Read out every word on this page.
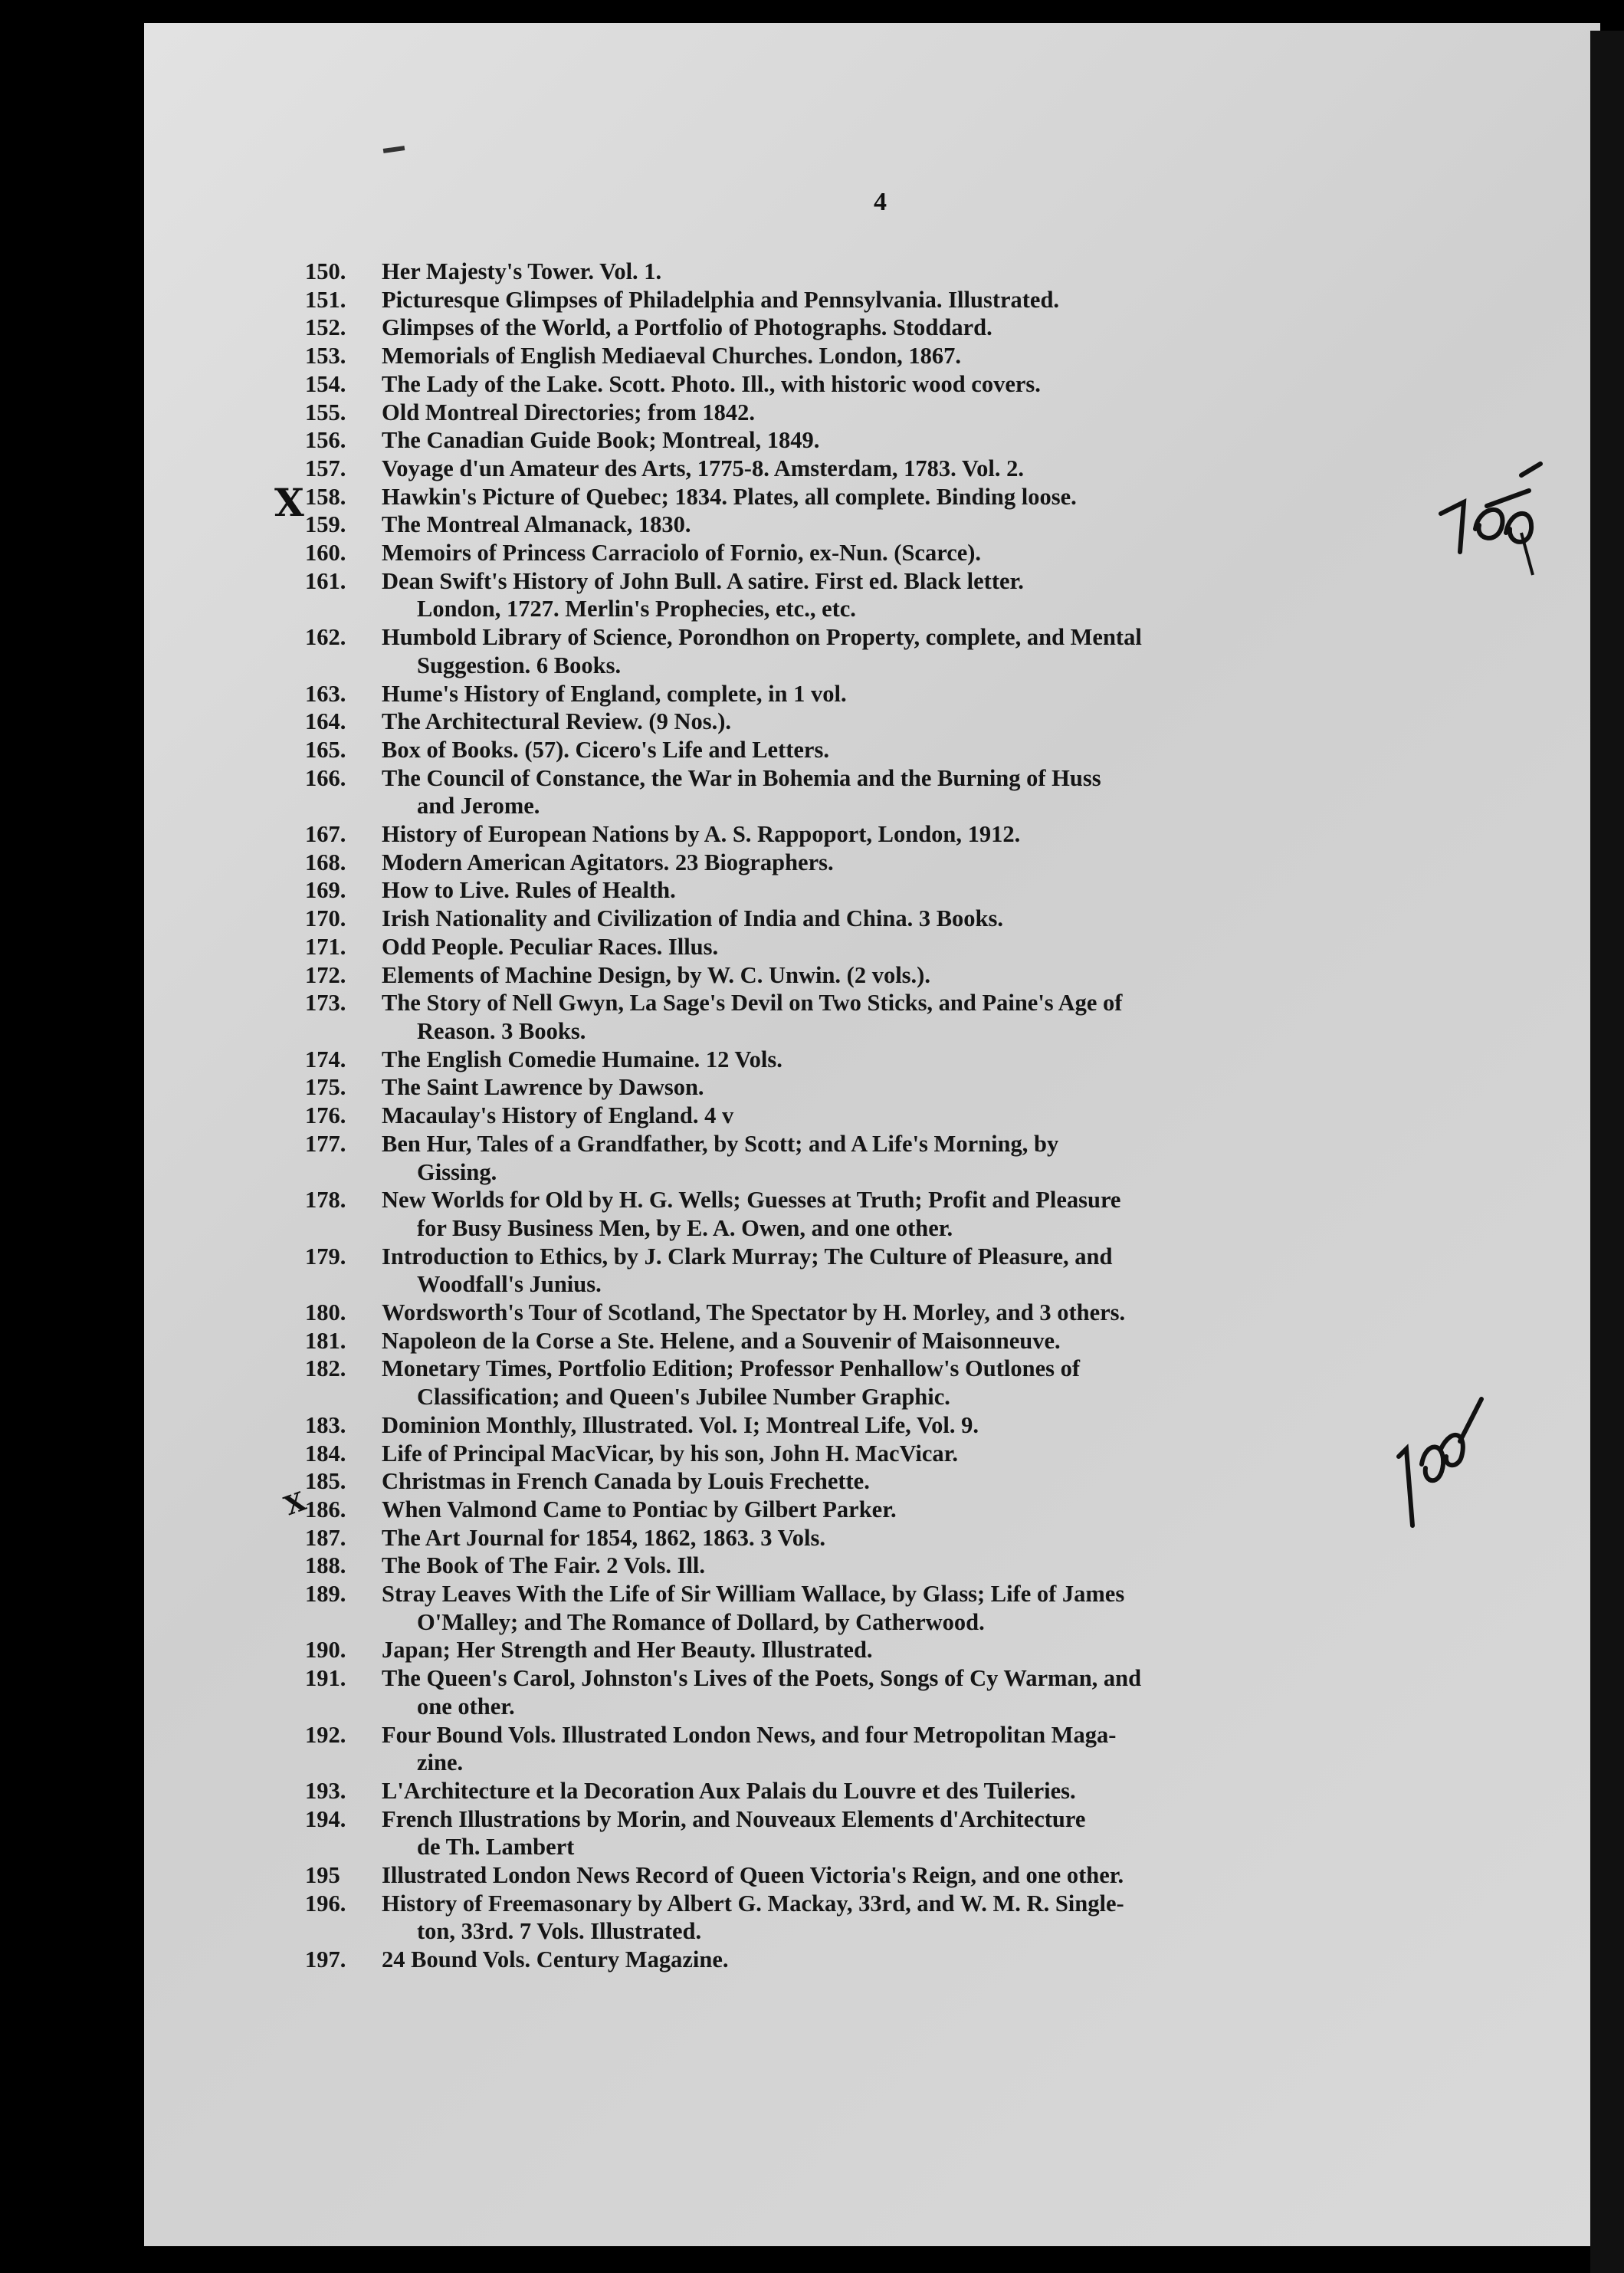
4
150.	Her Majesty's Tower. Vol. 1.
151.	Picturesque Glimpses of Philadelphia and Pennsylvania. Illustrated.
152.	Glimpses of the World, a Portfolio of Photographs. Stoddard.
153.	Memorials of English Mediaeval Churches. London, 1867.
154.	The Lady of the Lake. Scott. Photo. Ill., with historic wood covers.
155.	Old Montreal Directories; from 1842.
156.	The Canadian Guide Book; Montreal, 1849.
157.	Voyage d'un Amateur des Arts, 1775-8. Amsterdam, 1783. Vol. 2.
158.	Hawkin's Picture of Quebec; 1834. Plates, all complete. Binding loose.
159.	The Montreal Almanack, 1830.
160.	Memoirs of Princess Carraciolo of Fornio, ex-Nun. (Scarce).
161.	Dean Swift's History of John Bull. A satire. First ed. Black letter.
London, 1727. Merlin's Prophecies, etc., etc.
162.	Humbold Library of Science, Porondhon on Property, complete, and Mental
Suggestion. 6 Books.
163.	Hume's History of England, complete, in 1 vol.
164.	The Architectural Review. (9 Nos.).
165.	Box of Books. (57). Cicero's Life and Letters.
166.	The Council of Constance, the War in Bohemia and the Burning of Huss
and Jerome.
167.	History of European Nations by A. S. Rappoport, London, 1912.
168.	Modern American Agitators. 23 Biographers.
169.	How to Live. Rules of Health.
170.	Irish Nationality and Civilization of India and China. 3 Books.
171.	Odd People. Peculiar Races. Illus.
172.	Elements of Machine Design, by W. C. Unwin. (2 vols.).
173.	The Story of Nell Gwyn, La Sage's Devil on Two Sticks, and Paine's Age of
Reason. 3 Books.
174.	The English Comedie Humaine. 12 Vols.
175.	The Saint Lawrence by Dawson.
176.	Macaulay's History of England. 4 v
177.	Ben Hur, Tales of a Grandfather, by Scott; and A Life's Morning, by
Gissing.
178.	New Worlds for Old by H. G. Wells; Guesses at Truth; Profit and Pleasure
for Busy Business Men, by E. A. Owen, and one other.
179.	Introduction to Ethics, by J. Clark Murray; The Culture of Pleasure, and
Woodfall's Junius.
180.	Wordsworth's Tour of Scotland, The Spectator by H. Morley, and 3 others.
181.	Napoleon de la Corse a Ste. Helene, and a Souvenir of Maisonneuve.
182.	Monetary Times, Portfolio Edition; Professor Penhallow's Outlones of
Classification; and Queen's Jubilee Number Graphic.
183.	Dominion Monthly, Illustrated. Vol. I; Montreal Life, Vol. 9.
184.	Life of Principal MacVicar, by his son, John H. MacVicar.
185.	Christmas in French Canada by Louis Frechette.
186.	When Valmond Came to Pontiac by Gilbert Parker.
187.	The Art Journal for 1854, 1862, 1863. 3 Vols.
188.	The Book of The Fair. 2 Vols. Ill.
189.	Stray Leaves With the Life of Sir William Wallace, by Glass; Life of James
O'Malley; and The Romance of Dollard, by Catherwood.
190.	Japan; Her Strength and Her Beauty. Illustrated.
191.	The Queen's Carol, Johnston's Lives of the Poets, Songs of Cy Warman, and
one other.
192.	Four Bound Vols. Illustrated London News, and four Metropolitan Maga-
zine.
193.	L'Architecture et la Decoration Aux Palais du Louvre et des Tuileries.
194.	French Illustrations by Morin, and Nouveaux Elements d'Architecture
de Th. Lambert
195	Illustrated London News Record of Queen Victoria's Reign, and one other.
196.	History of Freemasonary by Albert G. Mackay, 33rd, and W. M. R. Single-
ton, 33rd. 7 Vols. Illustrated.
197.	24 Bound Vols. Century Magazine.
X
X
